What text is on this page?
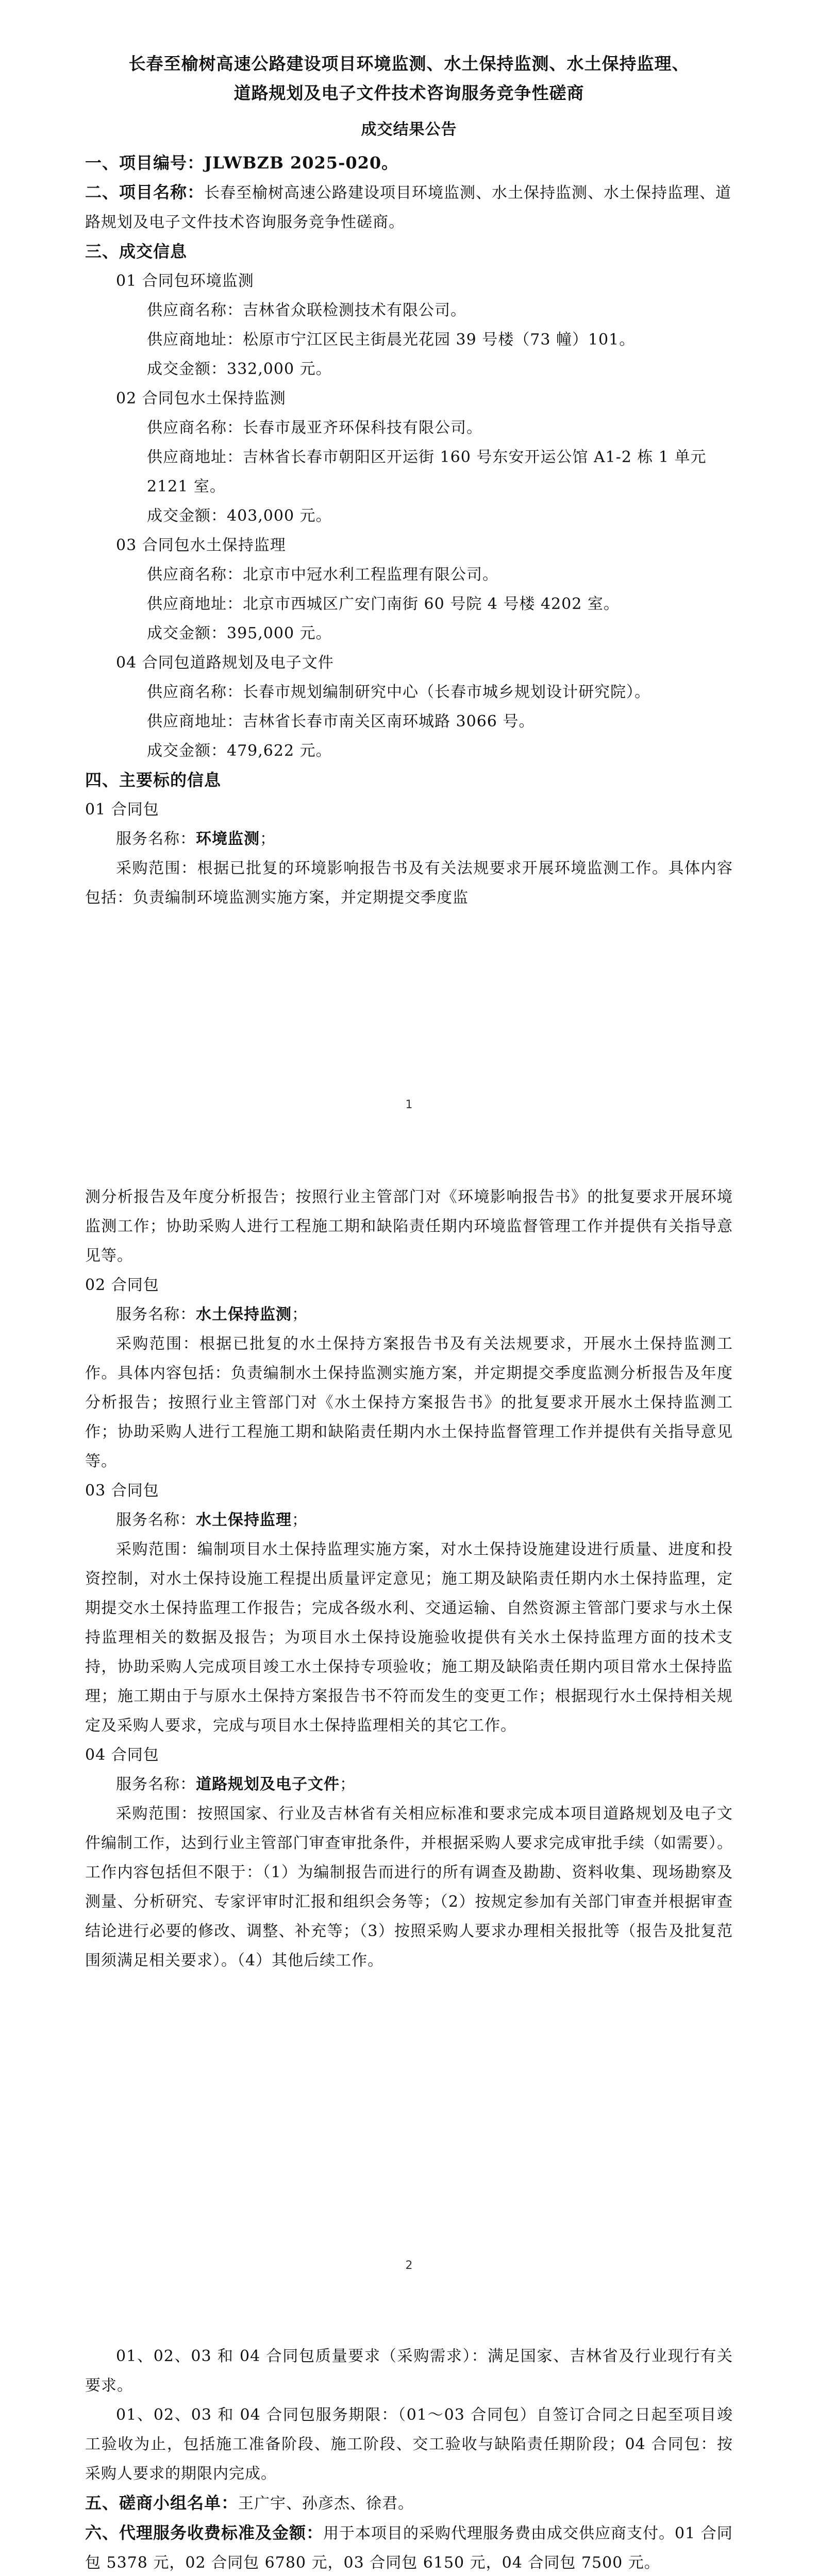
长春至榆树高速公路建设项目环境监测、水土保持监测、水土保持监理、

道路规划及电子文件技术咨询服务竞争性磋商

成交结果公告

一、项目编号：JLWBZB 2025-020。

二、项目名称：

长春至榆树高速公路建设项目环境监测、水土保持监测、水土保持监理、道路规划及电子文件技术咨询服务竞争性磋商。

三、成交信息

01 合同包环境监测

供应商名称：吉林省众联检测技术有限公司。

供应商地址：松原市宁江区民主街晨光花园 39 号楼（73 幢）101。

成交金额：332,000 元。

02 合同包水土保持监测

供应商名称：长春市晟亚齐环保科技有限公司。

供应商地址：吉林省长春市朝阳区开运街 160 号东安开运公馆 A1-2 栋 1 单元 2121 室。

成交金额：403,000 元。

03 合同包水土保持监理

供应商名称：北京市中冠水利工程监理有限公司。

供应商地址：北京市西城区广安门南街 60 号院 4 号楼 4202 室。

成交金额：395,000 元。

04 合同包道路规划及电子文件

供应商名称：长春市规划编制研究中心（长春市城乡规划设计研究院）。

供应商地址：吉林省长春市南关区南环城路 3066 号。

成交金额：479,622 元。

四、主要标的信息

01 合同包

服务名称：环境监测；

采购范围：根据已批复的环境影响报告书及有关法规要求开展环境监测工作。具体内容包括：负责编制环境监测实施方案，并定期提交季度监

1

测分析报告及年度分析报告；按照行业主管部门对《环境影响报告书》的批复要求开展环境监测工作；协助采购人进行工程施工期和缺陷责任期内环境监督管理工作并提供有关指导意见等。

02 合同包

服务名称：水土保持监测；

采购范围：根据已批复的水土保持方案报告书及有关法规要求，开展水土保持监测工作。具体内容包括：负责编制水土保持监测实施方案，并定期提交季度监测分析报告及年度分析报告；按照行业主管部门对《水土保持方案报告书》的批复要求开展水土保持监测工作；协助采购人进行工程施工期和缺陷责任期内水土保持监督管理工作并提供有关指导意见等。

03 合同包

服务名称：水土保持监理；

采购范围：编制项目水土保持监理实施方案，对水土保持设施建设进行质量、进度和投资控制，对水土保持设施工程提出质量评定意见；施工期及缺陷责任期内水土保持监理，定期提交水土保持监理工作报告；完成各级水利、交通运输、自然资源主管部门要求与水土保持监理相关的数据及报告；为项目水土保持设施验收提供有关水土保持监理方面的技术支持，协助采购人完成项目竣工水土保持专项验收；施工期及缺陷责任期内项目常水土保持监理；施工期由于与原水土保持方案报告书不符而发生的变更工作；根据现行水土保持相关规定及采购人要求，完成与项目水土保持监理相关的其它工作。

04 合同包

服务名称：道路规划及电子文件；

采购范围：按照国家、行业及吉林省有关相应标准和要求完成本项目道路规划及电子文件编制工作，达到行业主管部门审查审批条件，并根据采购人要求完成审批手续（如需要）。工作内容包括但不限于：（1）为编制报告而进行的所有调查及勘勘、资料收集、现场勘察及测量、分析研究、专家评审时汇报和组织会务等；（2）按规定参加有关部门审查并根据审查结论进行必要的修改、调整、补充等；（3）按照采购人要求办理相关报批等（报告及批复范围须满足相关要求）。（4）其他后续工作。

2

01、02、03 和 04 合同包质量要求（采购需求）：满足国家、吉林省及行业现行有关要求。

01、02、03 和 04 合同包服务期限：（01～03 合同包）自签订合同之日起至项目竣工验收为止，包括施工准备阶段、施工阶段、交工验收与缺陷责任期阶段；04 合同包：按采购人要求的期限内完成。

五、磋商小组名单：王广宇、孙彦杰、徐君。

六、代理服务收费标准及金额：用于本项目的采购代理服务费由成交供应商支付。01 合同包 5378 元，02 合同包 6780 元，03 合同包 6150 元，04 合同包 7500 元。
